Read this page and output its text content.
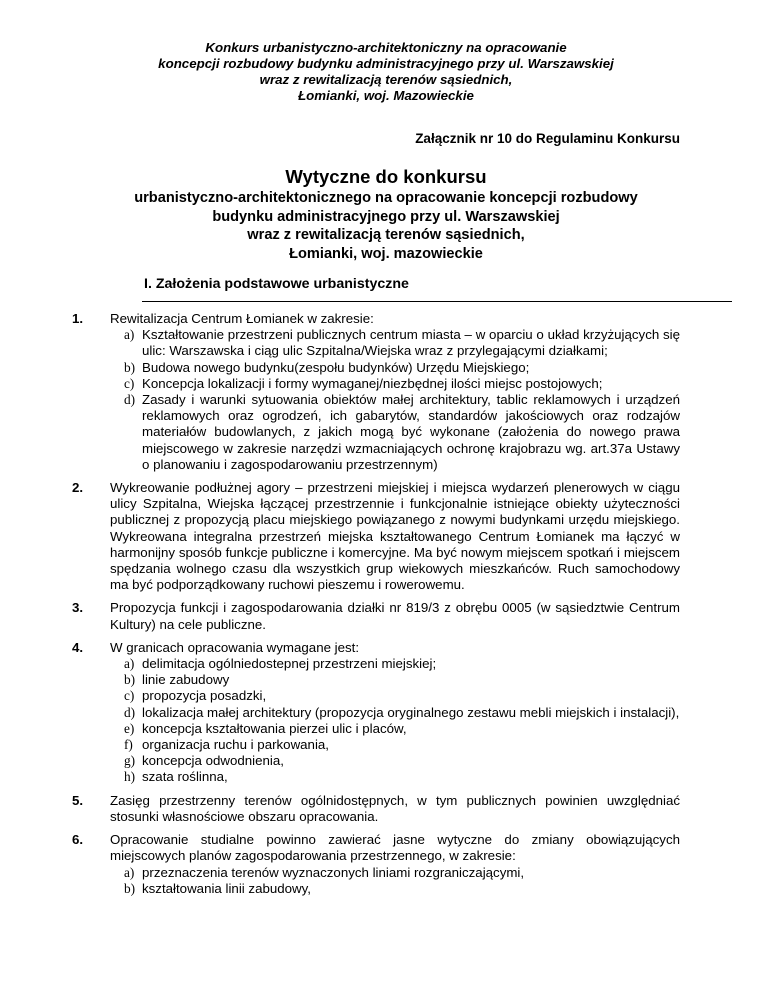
Konkurs urbanistyczno-architektoniczny na opracowanie
koncepcji rozbudowy budynku administracyjnego przy ul. Warszawskiej
wraz z rewitalizacją terenów sąsiednich,
Łomianki, woj. Mazowieckie
Załącznik nr 10 do Regulaminu Konkursu
Wytyczne do konkursu
urbanistyczno-architektonicznego na opracowanie koncepcji rozbudowy
budynku administracyjnego przy ul. Warszawskiej
wraz z rewitalizacją terenów sąsiednich,
Łomianki, woj. mazowieckie
I. Założenia podstawowe urbanistyczne
1. Rewitalizacja Centrum Łomianek w zakresie:
a) Kształtowanie przestrzeni publicznych centrum miasta – w oparciu o układ krzyżujących się ulic: Warszawska i ciąg ulic Szpitalna/Wiejska wraz z przylegającymi działkami;
b) Budowa nowego budynku(zespołu budynków) Urzędu Miejskiego;
c) Koncepcja lokalizacji i formy wymaganej/niezbędnej ilości miejsc postojowych;
d) Zasady i warunki sytuowania obiektów małej architektury, tablic reklamowych i urządzeń reklamowych oraz ogrodzeń, ich gabarytów, standardów jakościowych oraz rodzajów materiałów budowlanych, z jakich mogą być wykonane (założenia do nowego prawa miejscowego w zakresie narzędzi wzmacniających ochronę krajobrazu wg. art.37a Ustawy o planowaniu i zagospodarowaniu przestrzennym)
2. Wykreowanie podłużnej agory – przestrzeni miejskiej i miejsca wydarzeń plenerowych w ciągu ulicy Szpitalna, Wiejska łączącej przestrzennie i funkcjonalnie istniejące obiekty użyteczności publicznej z propozycją placu miejskiego powiązanego z nowymi budynkami urzędu miejskiego. Wykreowana integralna przestrzeń miejska kształtowanego Centrum Łomianek ma łączyć w harmonijny sposób funkcje publiczne i komercyjne. Ma być nowym miejscem spotkań i miejscem spędzania wolnego czasu dla wszystkich grup wiekowych mieszkańców. Ruch samochodowy ma być podporządkowany ruchowi pieszemu i rowerowemu.
3. Propozycja funkcji i zagospodarowania działki nr 819/3 z obrębu 0005 (w sąsiedztwie Centrum Kultury) na cele publiczne.
4. W granicach opracowania wymagane jest:
a) delimitacja ogólniedostepnej przestrzeni miejskiej;
b) linie zabudowy
c) propozycja posadzki,
d) lokalizacja małej architektury (propozycja oryginalnego zestawu mebli miejskich i instalacji),
e) koncepcja kształtowania pierzei ulic i placów,
f) organizacja ruchu i parkowania,
g) koncepcja odwodnienia,
h) szata roślinna,
5. Zasięg przestrzenny terenów ogólnidostępnych, w tym publicznych powinien uwzględniać stosunki własnościowe obszaru opracowania.
6. Opracowanie studialne powinno zawierać jasne wytyczne do zmiany obowiązujących miejscowych planów zagospodarowania przestrzennego, w zakresie:
a) przeznaczenia terenów wyznaczonych liniami rozgraniczającymi,
b) kształtowania linii zabudowy,
